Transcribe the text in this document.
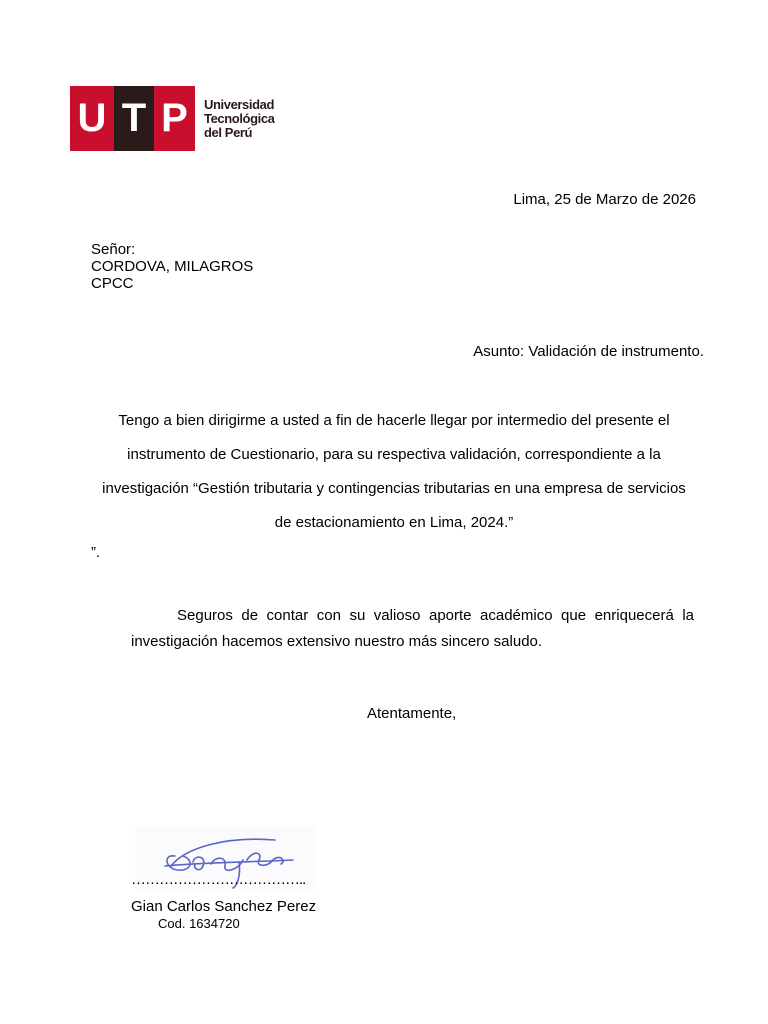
U T P	Universidad
Tecnológica
del Perú
Lima, 25 de Marzo de 2026
Señor:
CORDOVA, MILAGROS
CPCC
Asunto: Validación de instrumento.
Tengo a bien dirigirme a usted a fin de hacerle llegar por intermedio del presente el
instrumento de Cuestionario, para su respectiva validación, correspondiente a la
investigación “Gestión tributaria y contingencias tributarias en una empresa de servicios
de estacionamiento en Lima, 2024.”
”.
Seguros de contar con su valioso aporte académico que enriquecerá la investigación hacemos extensivo nuestro más sincero saludo.
Atentamente,
………………………………..
Gian Carlos Sanchez Perez
Cod. 1634720
